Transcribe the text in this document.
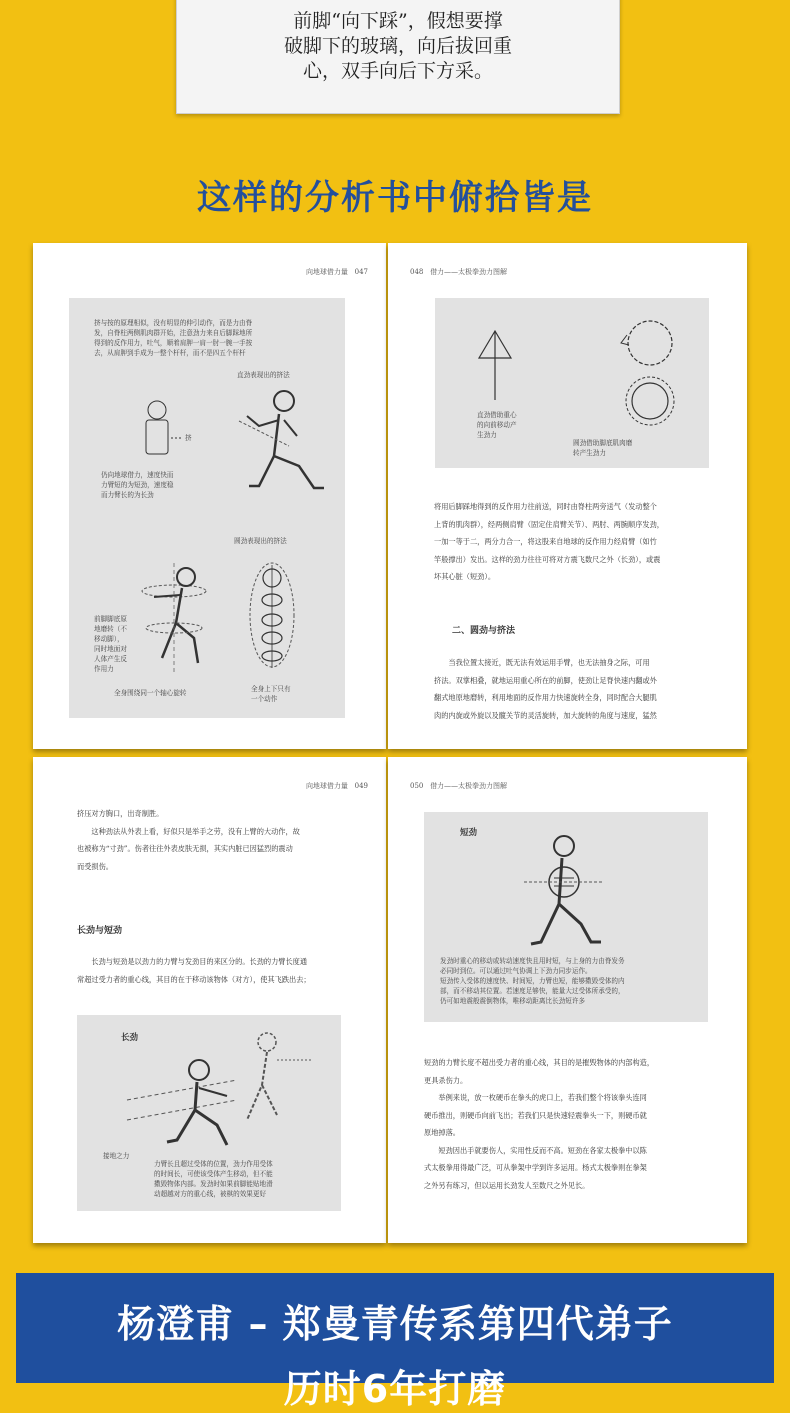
前脚“向下踩”，假想要撑
破脚下的玻璃，向后拔回重
心，双手向后下方采。
这样的分析书中俯拾皆是
向地球借力量 047
挤与按的原理相似，没有明显的伸引动作，而是力由脊
发，自脊柱两侧肌肉群开始，注意劲力来自后脚踩地所
得到的反作用力，吐气，顺着肩胛一肩一肘一腕一手按
去，从肩胛到手成为一整个杆杆，而不是四五个杆杆
直劲表现出的挤法
挤
仍向地球借力，速度快而
力臂短的为短劲，速度稳
而力臂长的为长劲
圆劲表现出的挤法
前脚脚底原
地磨转（不
移动脚），
同时地面对
人体产生反
作用力
全身围绕同一个轴心旋转	全身上下只有
一个动作
048 借力——太极拳劲力图解
直劲借助重心
的向前移动产
生劲力
圆劲借助脚底肌肉磨
转产生劲力

将用后脚踩地得到的反作用力往前送，同时由脊柱两旁送气（发动整个

上背的肌肉群），经两侧肩臂（固定住肩臂关节）、两肘、两腕顺序发劲，

一加一等于二，两分力合一，将这股来自地球的反作用力经肩臂（如竹

竿般撑出）发出。这样的劲力往往可将对方震飞数尺之外（长劲），或震

坏其心脏（短劲）。

二、圆劲与挤法

当我位置太接近，既无法有效运用手臂，也无法抽身之际，可用

挤法。双掌相叠，就地运用重心所在的前脚，使劲让足脊快速内翻或外

翻式地原地磨转，利用地面的反作用力快速旋转全身，同时配合大腿肌

肉的内旋或外旋以及髋关节的灵活旋转，加大旋转的角度与速度，猛然

向地球借力量 049

挤压对方胸口，出奇制胜。

这种劲法从外表上看，好似只是举手之劳，没有上臂的大动作，故

也被称为“寸劲”。伤者往往外表皮肤无损，其实内脏已因猛烈的震动

而受损伤。

长劲与短劲

长劲与短劲是以劲力的力臂与发劲目的来区分的。长劲的力臂长度通

常超过受力者的重心线，其目的在于移动该物体（对方），使其飞跌出去；

长劲
接地之力
力臂长且超过受体的位置，劲力作用受体
的时间长，可使该受体产生移动，但不能
擞毁物体内部。发劲时如果前脚能贴地滑
动超越对方的重心线，被棋的效果更好
050 借力——太极拳劲力图解
短劲
发劲时重心的移动或转动速度快且用时短，与上身的力由脊发务
必同时到位。可以通过吐气协调上下劲力同步运作。
短劲传入受体的速度快、时间短，力臂也短，能够擞毁受体的内
部，而不移动其位置。若速度足够快，能量大过受体所承受的，
仍可如地震般震倒物体，唯移动距离比长劲短许多

短劲的力臂长度不超出受力者的重心线，其目的是摧毁物体的内部构造，

更具杀伤力。

举例来说，放一枚硬币在拳头的虎口上，若我们整个将该拳头连同

硬币推出，则硬币向前飞出；若我们只是快速轻震拳头一下，则硬币就

原地掉落。

短劲因出手就要伤人，实用性反而不高。短劲在各家太极拳中以陈

式太极拳用得最广泛，可从拳架中学到许多运用。杨式太极拳则在拳架

之外另有练习，但以运用长劲发人至数尺之外见长。

杨澄甫 – 郑曼青传系第四代弟子
历时6年打磨
